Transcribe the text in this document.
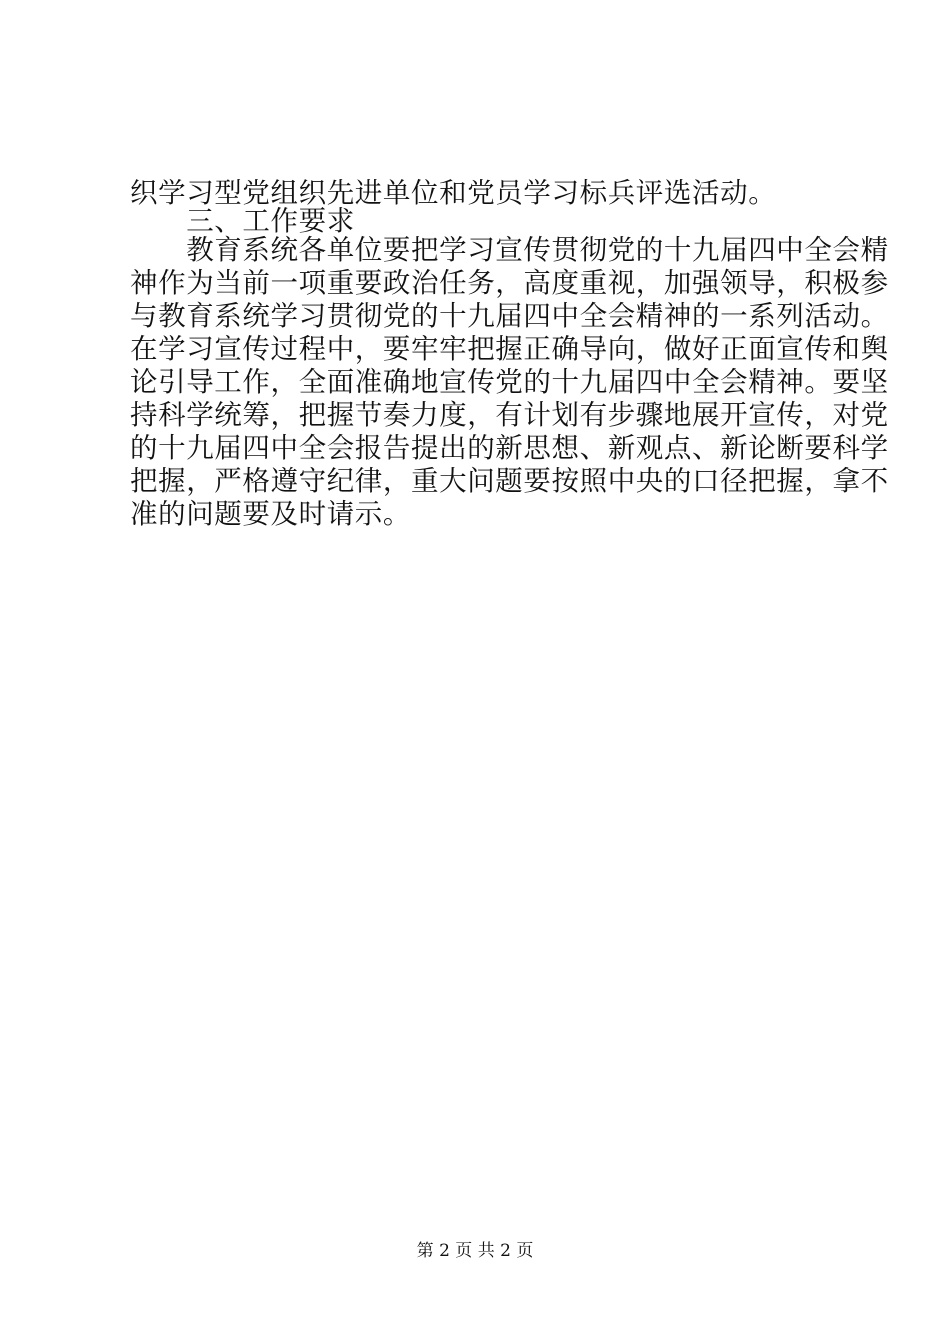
织学习型党组织先进单位和党员学习标兵评选活动。
　　三、工作要求
　　教育系统各单位要把学习宣传贯彻党的十九届四中全会精
神作为当前一项重要政治任务，高度重视，加强领导，积极参
与教育系统学习贯彻党的十九届四中全会精神的一系列活动。
在学习宣传过程中，要牢牢把握正确导向，做好正面宣传和舆
论引导工作，全面准确地宣传党的十九届四中全会精神。要坚
持科学统筹，把握节奏力度，有计划有步骤地展开宣传，对党
的十九届四中全会报告提出的新思想、新观点、新论断要科学
把握，严格遵守纪律，重大问题要按照中央的口径把握，拿不
准的问题要及时请示。
第 2 页 共 2 页
